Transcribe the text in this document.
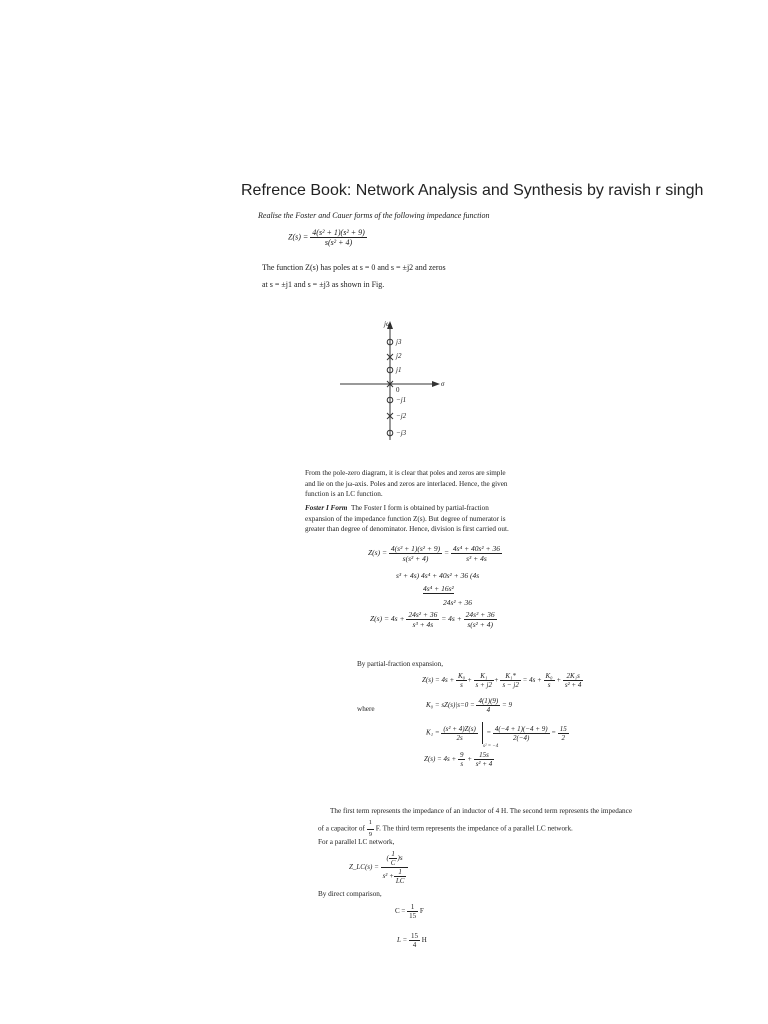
Refrence Book: Network Analysis and Synthesis by ravish r singh
Realise the Foster and Cauer forms of the following impedance function
$Z(s) = \frac{\text{4(s² + 1)(s² + 9)}}{\text{s(s² + 4)}}$
The function Z(s) has poles at s = 0 and s = ±j2 and zeros
at s = ±j1 and s = ±j3 as shown in Fig.
jω
σ
0
j3
j2
j1
−j1
−j2
−j3
From the pole-zero diagram, it is clear that poles and zeros are simple
and lie on the jω-axis. Poles and zeros are interlaced. Hence, the given
function is an LC function.
Foster I Form The Foster I form is obtained by partial-fraction
expansion of the impedance function Z(s). But degree of numerator is
greater than degree of denominator. Hence, division is first carried out.
$Z(s) = \frac{\text{4(s² + 1)(s² + 9)}}{\text{s(s² + 4)}} = \frac{\text{4s⁴ + 40s² + 36}}{\text{s³ + 4s}}$
s³ + 4s) 4s⁴ + 40s² + 36 (4s
4s⁴ + 16s²
24s² + 36
$Z(s) = 4s + \frac{\text{24s² + 36}}{\text{s³ + 4s}} = 4s + \frac{\text{24s² + 36}}{\text{s(s² + 4)}}$
By partial-fraction expansion,
$Z(s) = 4s + \frac{\text{K₀}}{s} + \frac{\text{K₁}}{s + j2} + \frac{\text{K₁*}}{s - j2} = 4s + \frac{\text{K₀}}{s} + \frac{\text{2K₁s}}{\text{s² + 4}}$
where	$K_0 = sZ(s)|s=0 = \frac{4(1)(9)}{4} = 9$
$K_1 = \frac{\text{(s² + 4)Z(s)}}{2s} = \frac{4(-4 + 1)(-4 + 9)}{2(-4)} = \frac{15}{2}$
s² = −4
$Z(s) = 4s + \frac{9}{s} + \frac{15s}{\text{s² + 4}}$
The first term represents the impedance of an inductor of 4 H. The second term represents the impedance
of a capacitor of $\frac{1}{9} F$. The third term represents the impedance of a parallel LC network.
For a parallel LC network,
Z_LC(s) = $\frac{( \frac{1}{C} )s}{s^2 + \frac{1}{LC}}$
By direct comparison,
$C = \frac{1}{15}$ F
$L = \frac{15}{4}$ H
